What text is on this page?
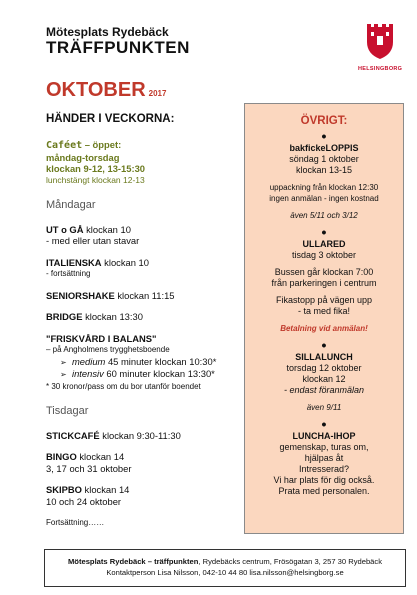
Mötesplats Rydebäck
TRÄFFPUNKTEN
HELSINGBORG
OKTOBER 2017
HÄNDER I VECKORNA:
Caféet – öppet:
måndag-torsdag
klockan 9-12, 13-15:30
lunchstängt klockan 12-13
Måndagar
UT o GÅ klockan 10
- med eller utan stavar
ITALIENSKA klockan 10
- fortsättning
SENIORSHAKE klockan 11:15
BRIDGE klockan 13:30
"FRISKVÅRD I BALANS"
– på Angholmens trygghetsboende
➢ medium 45 minuter klockan 10:30*
➢ intensiv 60 minuter klockan 13:30*
* 30 kronor/pass om du bor utanför boendet
Tisdagar
STICKCAFÉ klockan 9:30-11:30
BINGO klockan 14
3, 17 och 31 oktober
SKIPBO klockan 14
10 och 24 oktober
Fortsättning……
ÖVRIGT:
•
bakfickeLOPPIS
söndag 1 oktober
klockan 13-15
uppackning från klockan 12:30
ingen anmälan - ingen kostnad
även 5/11 och 3/12
•
ULLARED
tisdag 3 oktober
Bussen går klockan 7:00
från parkeringen i centrum
Fikastopp på vägen upp
- ta med fika!
Betalning vid anmälan!
•
SILLALUNCH
torsdag 12 oktober
klockan 12
- endast föranmälan
även 9/11
•
LUNCHA-IHOP
gemenskap, turas om,
hjälpas åt
Intresserad?
Vi har plats för dig också.
Prata med personalen.
Mötesplats Rydebäck – träffpunkten, Rydebäcks centrum, Frösögatan 3, 257 30 Rydebäck
Kontaktperson Lisa Nilsson, 042-10 44 80 lisa.nilsson@helsingborg.se
